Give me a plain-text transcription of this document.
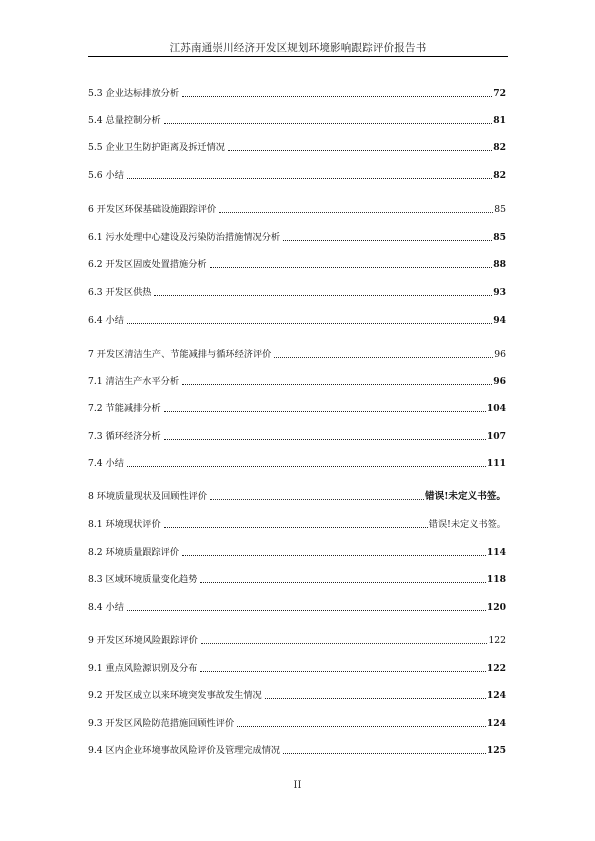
江苏南通崇川经济开发区规划环境影响跟踪评价报告书
5.3 企业达标排放分析	72
5.4 总量控制分析	81
5.5 企业卫生防护距离及拆迁情况	82
5.6 小结	82
6 开发区环保基础设施跟踪评价	85
6.1 污水处理中心建设及污染防治措施情况分析	85
6.2 开发区固废处置措施分析	88
6.3 开发区供热	93
6.4 小结	94
7 开发区清洁生产、节能减排与循环经济评价	96
7.1 清洁生产水平分析	96
7.2 节能减排分析	104
7.3 循环经济分析	107
7.4 小结	111
8 环境质量现状及回顾性评价	错误!未定义书签。
8.1 环境现状评价	错误!未定义书签。
8.2 环境质量跟踪评价	114
8.3 区域环境质量变化趋势	118
8.4 小结	120
9 开发区环境风险跟踪评价	122
9.1 重点风险源识别及分布	122
9.2 开发区成立以来环境突发事故发生情况	124
9.3 开发区风险防范措施回顾性评价	124
9.4 区内企业环境事故风险评价及管理完成情况	125
II
